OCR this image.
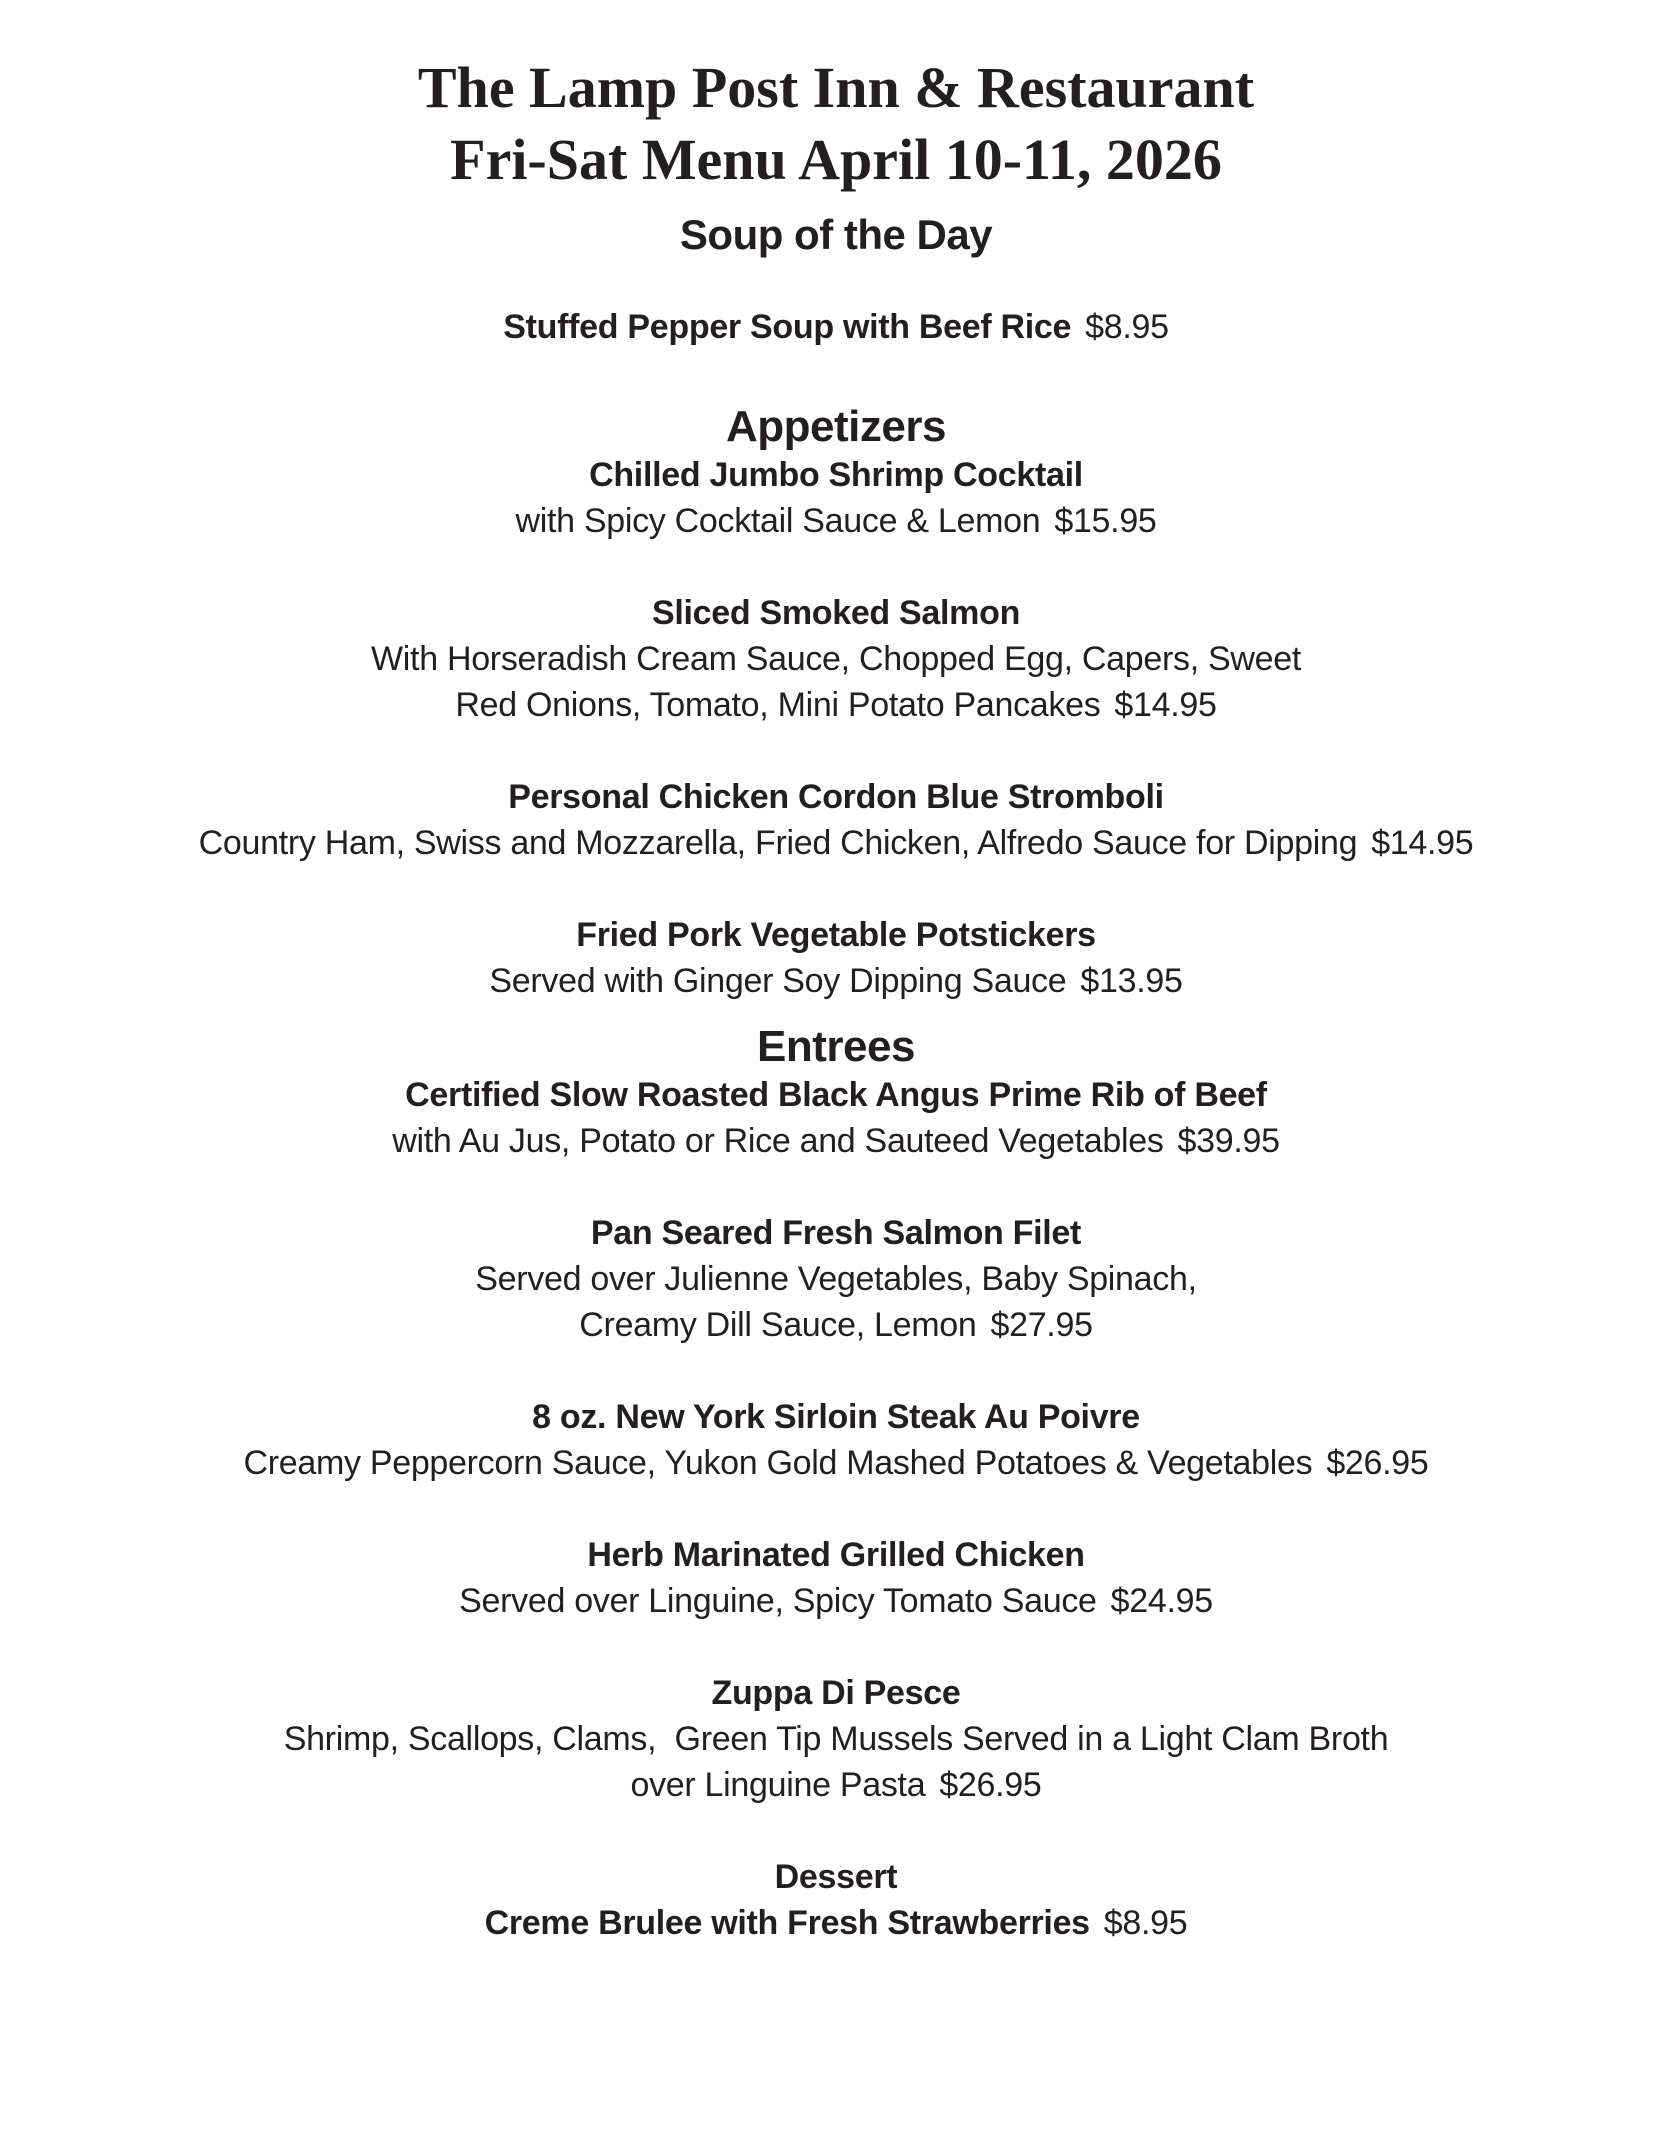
The Lamp Post Inn & Restaurant
Fri-Sat Menu April 10-11, 2026
Soup of the Day
Stuffed Pepper Soup with Beef Rice $8.95
Appetizers
Chilled Jumbo Shrimp Cocktail
with Spicy Cocktail Sauce & Lemon $15.95
Sliced Smoked Salmon
With Horseradish Cream Sauce, Chopped Egg, Capers, Sweet
Red Onions, Tomato, Mini Potato Pancakes $14.95
Personal Chicken Cordon Blue Stromboli
Country Ham, Swiss and Mozzarella, Fried Chicken, Alfredo Sauce for Dipping $14.95
Fried Pork Vegetable Potstickers
Served with Ginger Soy Dipping Sauce $13.95
Entrees
Certified Slow Roasted Black Angus Prime Rib of Beef
with Au Jus, Potato or Rice and Sauteed Vegetables $39.95
Pan Seared Fresh Salmon Filet
Served over Julienne Vegetables, Baby Spinach,
Creamy Dill Sauce, Lemon $27.95
8 oz. New York Sirloin Steak Au Poivre
Creamy Peppercorn Sauce, Yukon Gold Mashed Potatoes & Vegetables $26.95
Herb Marinated Grilled Chicken
Served over Linguine, Spicy Tomato Sauce $24.95
Zuppa Di Pesce
Shrimp, Scallops, Clams,  Green Tip Mussels Served in a Light Clam Broth
over Linguine Pasta $26.95
Dessert
Creme Brulee with Fresh Strawberries $8.95
